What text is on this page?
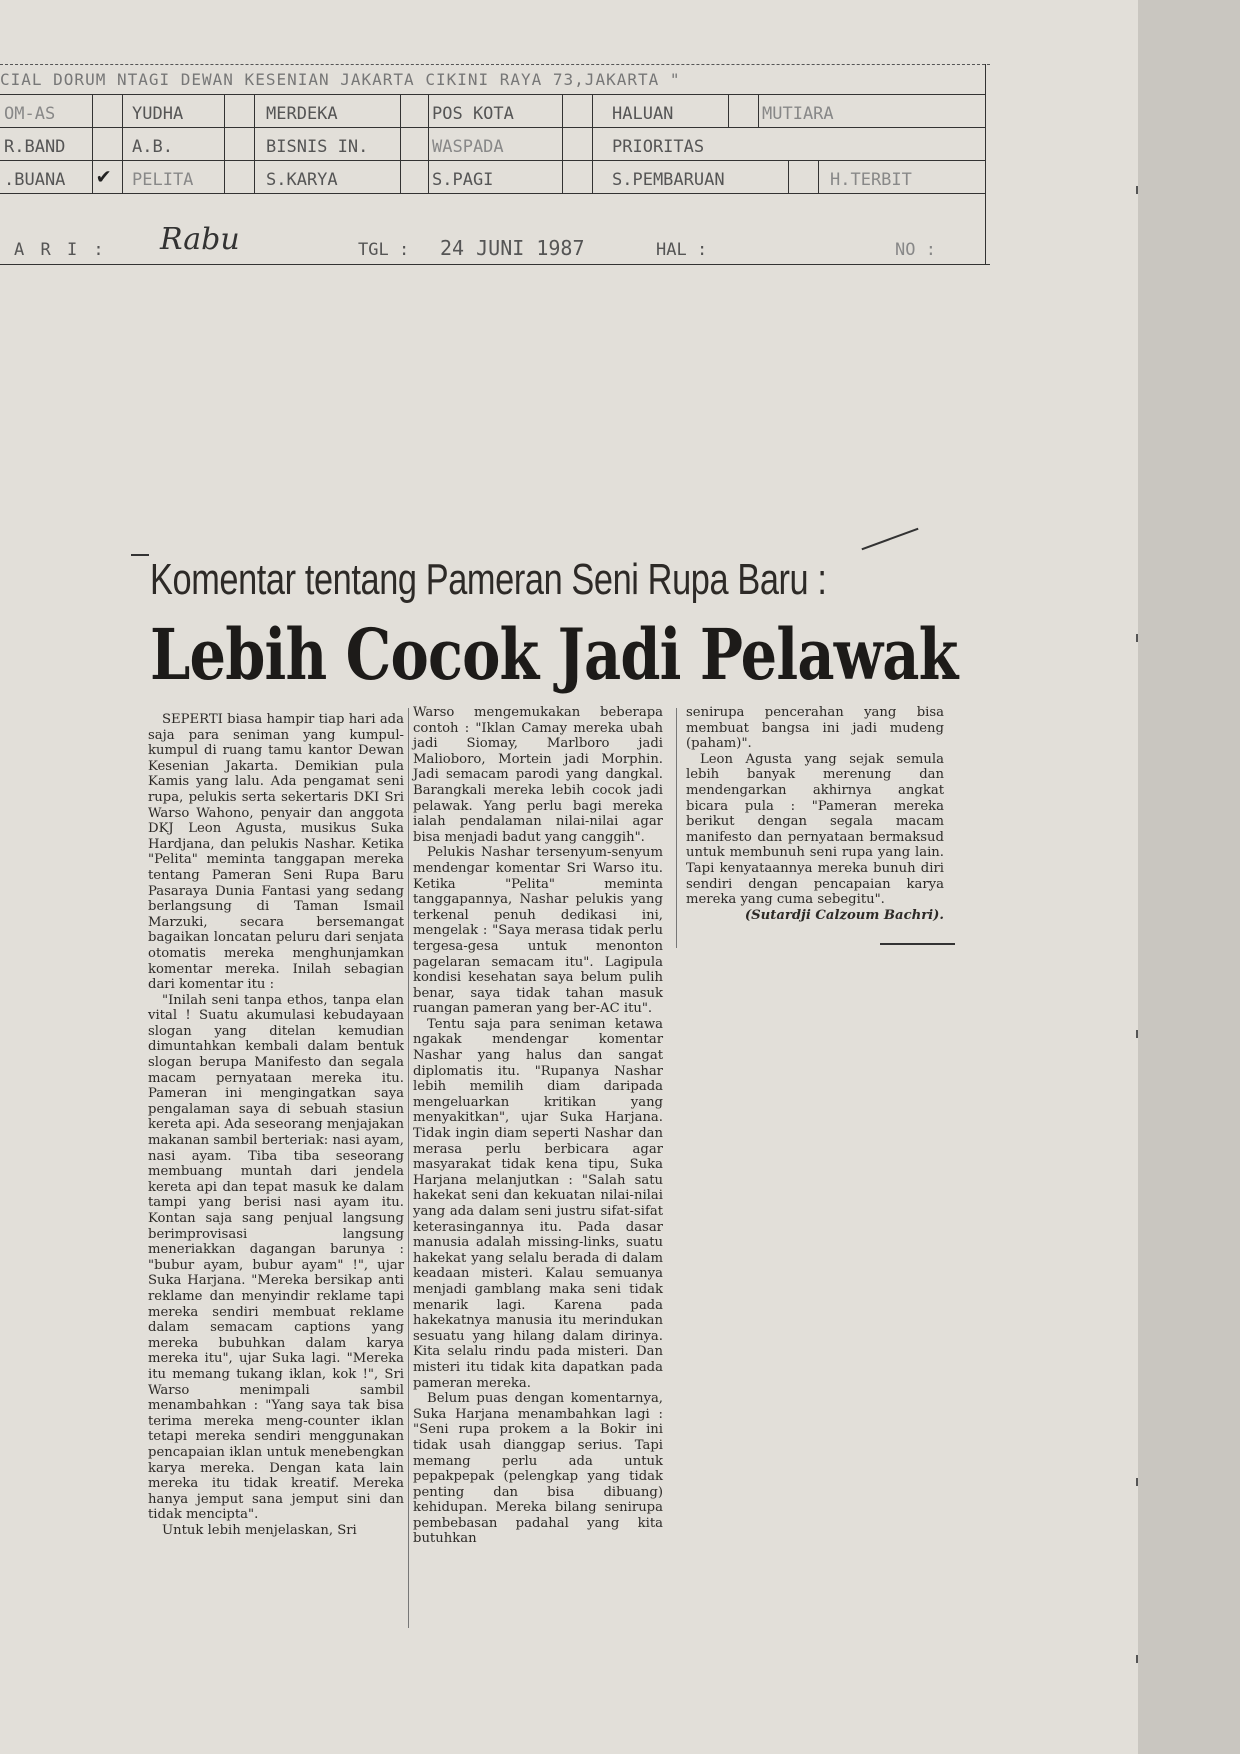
CIAL DORUM NTAGI DEWAN KESENIAN JAKARTA CIKINI RAYA 73,JAKARTA "
OM-AS	YUDHA	MERDEKA	POS KOTA	HALUAN	MUTIARA
R.BAND	A.B.	BISNIS IN.	WASPADA	PRIORITAS
.BUANA ✔ PELITA	S.KARYA	S.PAGI	S.PEMBARUAN	H.TERBIT
A R I : Rabu	TGL : 24 JUNI 1987	HAL :	NO :
Komentar tentang Pameran Seni Rupa Baru :
Lebih Cocok Jadi Pelawak

SEPERTI biasa hampir tiap hari ada saja para seniman yang kumpul-kumpul di ruang tamu kantor Dewan Kesenian Jakarta. Demikian pula Kamis yang lalu. Ada pengamat seni rupa, pelukis serta sekertaris DKI Sri Warso Wahono, penyair dan anggota DKJ Leon Agusta, musikus Suka Hardjana, dan pelukis Nashar. Ketika "Pelita" meminta tanggapan mereka tentang Pameran Seni Rupa Baru Pasaraya Dunia Fantasi yang sedang berlangsung di Taman Ismail Marzuki, secara bersemangat bagaikan loncatan peluru dari senjata otomatis mereka menghunjamkan komentar mereka. Inilah sebagian dari komentar itu :

"Inilah seni tanpa ethos, tanpa elan vital ! Suatu akumulasi kebudayaan slogan yang ditelan kemudian dimuntahkan kembali dalam bentuk slogan berupa Manifesto dan segala macam pernyataan mereka itu. Pameran ini mengingatkan saya pengalaman saya di sebuah stasiun kereta api. Ada seseorang menjajakan makanan sambil berteriak: nasi ayam, nasi ayam. Tiba tiba seseorang membuang muntah dari jendela kereta api dan tepat masuk ke dalam tampi yang berisi nasi ayam itu. Kontan saja sang penjual langsung berimprovisasi langsung meneriakkan dagangan barunya : "bubur ayam, bubur ayam" !", ujar Suka Harjana. "Mereka bersikap anti reklame dan menyindir reklame tapi mereka sendiri membuat reklame dalam semacam captions yang mereka bubuhkan dalam karya mereka itu", ujar Suka lagi. "Mereka itu memang tukang iklan, kok !", Sri Warso menimpali sambil menambahkan : "Yang saya tak bisa terima mereka meng-counter iklan tetapi mereka sendiri menggunakan pencapaian iklan untuk menebengkan karya mereka. Dengan kata lain mereka itu tidak kreatif. Mereka hanya jemput sana jemput sini dan tidak mencipta".

Untuk lebih menjelaskan, Sri

Warso mengemukakan beberapa contoh : "Iklan Camay mereka ubah jadi Siomay, Marlboro jadi Malioboro, Mortein jadi Morphin. Jadi semacam parodi yang dangkal. Barangkali mereka lebih cocok jadi pelawak. Yang perlu bagi mereka ialah pendalaman nilai-nilai agar bisa menjadi badut yang canggih".

Pelukis Nashar tersenyum-senyum mendengar komentar Sri Warso itu. Ketika "Pelita" meminta tanggapannya, Nashar pelukis yang terkenal penuh dedikasi ini, mengelak : "Saya merasa tidak perlu tergesa-gesa untuk menonton pagelaran semacam itu". Lagipula kondisi kesehatan saya belum pulih benar, saya tidak tahan masuk ruangan pameran yang ber-AC itu".

Tentu saja para seniman ketawa ngakak mendengar komentar Nashar yang halus dan sangat diplomatis itu. "Rupanya Nashar lebih memilih diam daripada mengeluarkan kritikan yang menyakitkan", ujar Suka Harjana. Tidak ingin diam seperti Nashar dan merasa perlu berbicara agar masyarakat tidak kena tipu, Suka Harjana melanjutkan : "Salah satu hakekat seni dan kekuatan nilai-nilai yang ada dalam seni justru sifat-sifat keterasingannya itu. Pada dasar manusia adalah missing-links, suatu hakekat yang selalu berada di dalam keadaan misteri. Kalau semuanya menjadi gamblang maka seni tidak menarik lagi. Karena pada hakekatnya manusia itu merindukan sesuatu yang hilang dalam dirinya. Kita selalu rindu pada misteri. Dan misteri itu tidak kita dapatkan pada pameran mereka.

Belum puas dengan komentarnya, Suka Harjana menambahkan lagi : "Seni rupa prokem a la Bokir ini tidak usah dianggap serius. Tapi memang perlu ada untuk pepakpepak (pelengkap yang tidak penting dan bisa dibuang) kehidupan. Mereka bilang senirupa pembebasan padahal yang kita butuhkan

senirupa pencerahan yang bisa membuat bangsa ini jadi mudeng (paham)".

Leon Agusta yang sejak semula lebih banyak merenung dan mendengarkan akhirnya angkat bicara pula : "Pameran mereka berikut dengan segala macam manifesto dan pernyataan bermaksud untuk membunuh seni rupa yang lain. Tapi kenyataannya mereka bunuh diri sendiri dengan pencapaian karya mereka yang cuma sebegitu".

(Sutardji Calzoum Bachri).
